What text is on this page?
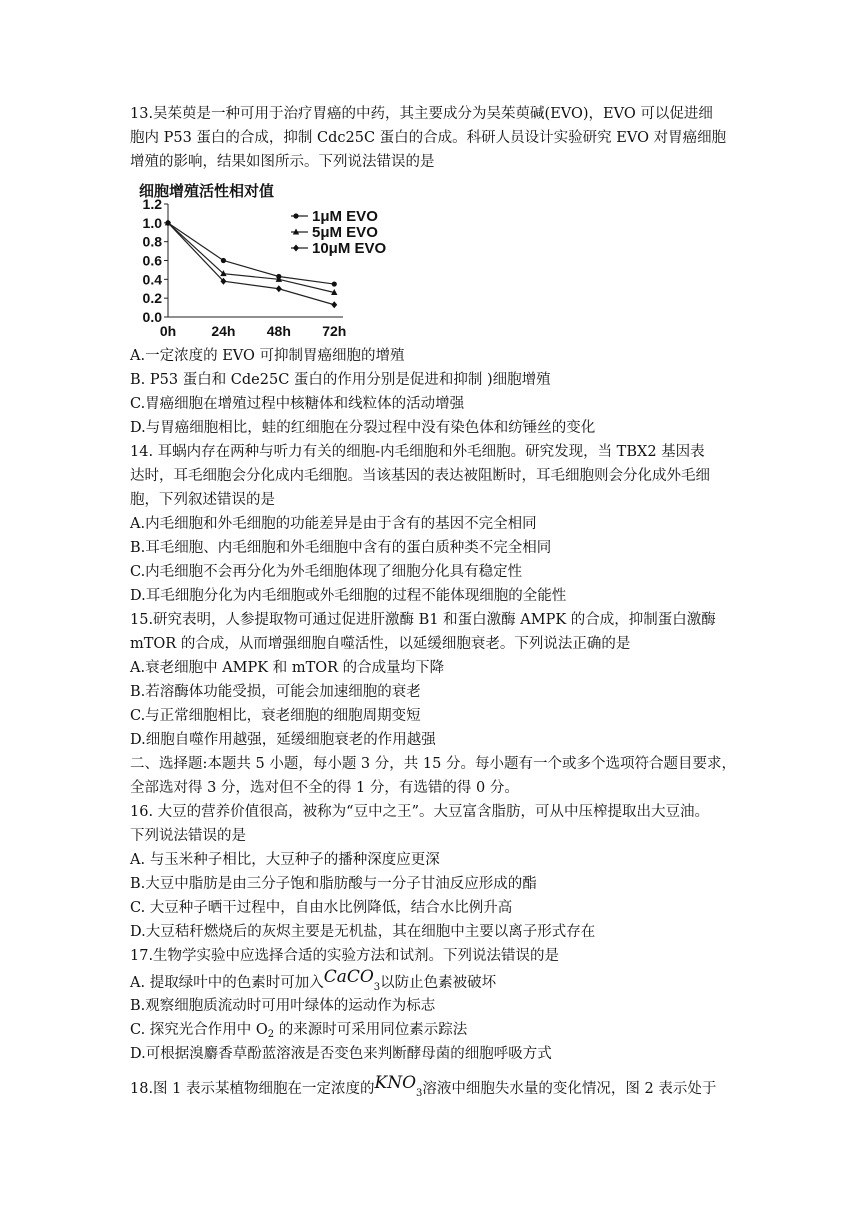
13.吴茱萸是一种可用于治疗胃癌的中药，其主要成分为吴茱萸碱(EVO)，EVO 可以促进细
胞内 P53 蛋白的合成，抑制 Cdc25C 蛋白的合成。科研人员设计实验研究 EVO 对胃癌细胞
增殖的影响，结果如图所示。下列说法错误的是
细胞增殖活性相对值
0.0
0.2
0.4
0.6
0.8
1.0
1.2
0h	24h 48h 72h
1μM EVO
5μM EVO
10μM EVO
A.一定浓度的 EVO 可抑制胃癌细胞的增殖
B. P53 蛋白和 Cde25C 蛋白的作用分别是促进和抑制 )细胞增殖
C.胃癌细胞在增殖过程中核糖体和线粒体的活动增强
D.与胃癌细胞相比，蛙的红细胞在分裂过程中没有染色体和纺锤丝的变化
14. 耳蜗内存在两种与听力有关的细胞-内毛细胞和外毛细胞。研究发现，当 TBX2 基因表
达时，耳毛细胞会分化成内毛细胞。当该基因的表达被阻断时，耳毛细胞则会分化成外毛细
胞，下列叙述错误的是
A.内毛细胞和外毛细胞的功能差异是由于含有的基因不完全相同
B.耳毛细胞、内毛细胞和外毛细胞中含有的蛋白质种类不完全相同
C.内毛细胞不会再分化为外毛细胞体现了细胞分化具有稳定性
D.耳毛细胞分化为内毛细胞或外毛细胞的过程不能体现细胞的全能性
15.研究表明，人参提取物可通过促进肝激酶 B1 和蛋白激酶 AMPK 的合成，抑制蛋白激酶
mTOR 的合成，从而增强细胞自噬活性，以延缓细胞衰老。下列说法正确的是
A.衰老细胞中 AMPK 和 mTOR 的合成量均下降
B.若溶酶体功能受损，可能会加速细胞的衰老
C.与正常细胞相比，衰老细胞的细胞周期变短
D.细胞自噬作用越强，延缓细胞衰老的作用越强
二、选择题:本题共 5 小题，每小题 3 分，共 15 分。每小题有一个或多个选项符合题目要求，
全部选对得 3 分，选对但不全的得 1 分，有选错的得 0 分。
16. 大豆的营养价值很高，被称为“豆中之王”。大豆富含脂肪，可从中压榨提取出大豆油。
下列说法错误的是
A. 与玉米种子相比，大豆种子的播种深度应更深
B.大豆中脂肪是由三分子饱和脂肪酸与一分子甘油反应形成的酯
C. 大豆种子晒干过程中，自由水比例降低，结合水比例升高
D.大豆秸秆燃烧后的灰烬主要是无机盐，其在细胞中主要以离子形式存在
17.生物学实验中应选择合适的实验方法和试剂。下列说法错误的是
A. 提取绿叶中的色素时可加入CaCO$_3$以防止色素被破坏
B.观察细胞质流动时可用叶绿体的运动作为标志
C. 探究光合作用中 $O_2$ 的来源时可采用同位素示踪法
D.可根据溴麝香草酚蓝溶液是否变色来判断酵母菌的细胞呼吸方式
18.图 1 表示某植物细胞在一定浓度的$KNO_3$溶液中细胞失水量的变化情况，图 2 表示处于
